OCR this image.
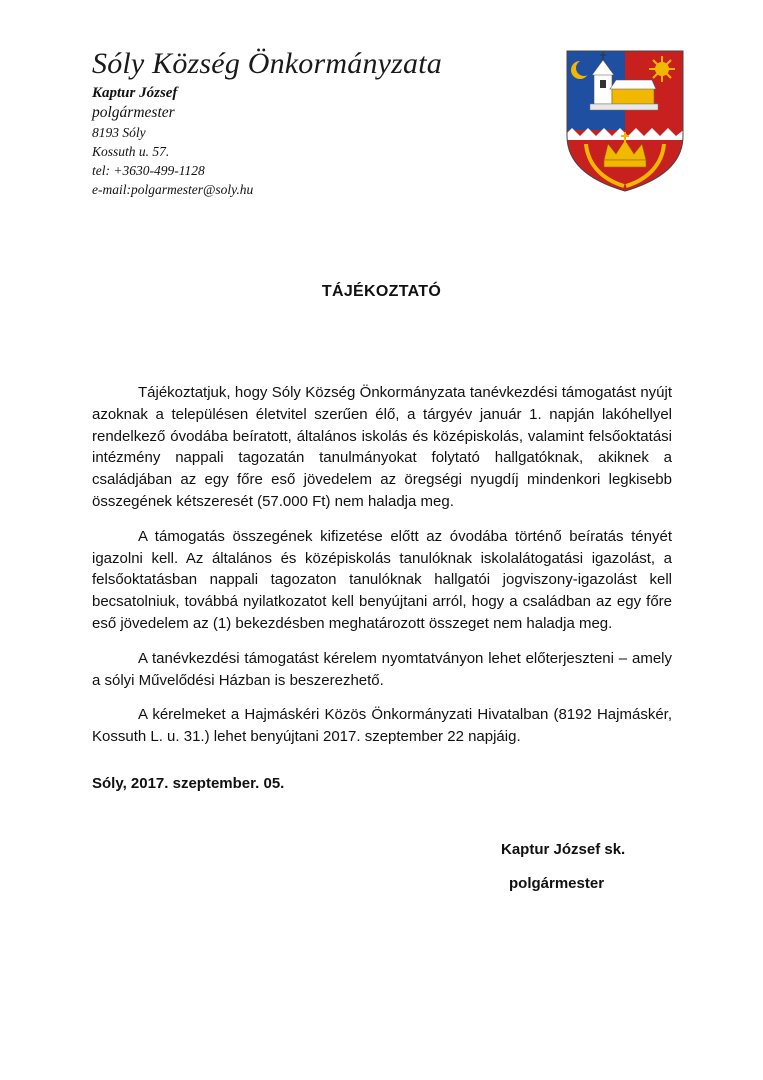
Sóly Község Önkormányzata
Kaptur József
polgármester
8193 Sóly
Kossuth u. 57.
tel: +3630-499-1128
e-mail:polgarmester@soly.hu
TÁJÉKOZTATÓ

Tájékoztatjuk, hogy Sóly Község Önkormányzata tanévkezdési támogatást nyújt azoknak a településen életvitel szerűen élő, a tárgyév január 1. napján lakóhellyel rendelkező óvodába beíratott, általános iskolás és középiskolás, valamint felsőoktatási intézmény nappali tagozatán tanulmányokat folytató hallgatóknak, akiknek a családjában az egy főre eső jövedelem az öregségi nyugdíj mindenkori legkisebb összegének kétszeresét (57.000 Ft) nem haladja meg.

A támogatás összegének kifizetése előtt az óvodába történő beíratás tényét igazolni kell. Az általános és középiskolás tanulóknak iskolalátogatási igazolást, a felsőoktatásban nappali tagozaton tanulóknak hallgatói jogviszony-igazolást kell becsatolniuk, továbbá nyilatkozatot kell benyújtani arról, hogy a családban az egy főre eső jövedelem az (1) bekezdésben meghatározott összeget nem haladja meg.

A tanévkezdési támogatást kérelem nyomtatványon lehet előterjeszteni – amely a sólyi Művelődési Házban is beszerezhető.

A kérelmeket a Hajmáskéri Közös Önkormányzati Hivatalban (8192 Hajmáskér, Kossuth L. u. 31.) lehet benyújtani 2017. szeptember 22 napjáig.

Sóly, 2017. szeptember. 05.
Kaptur József sk.
polgármester
